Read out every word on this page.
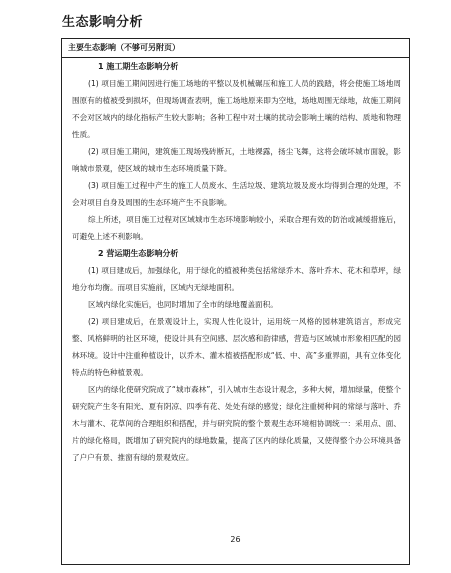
生态影响分析
主要生态影响（不够可另附页）
1 施工期生态影响分析

(1) 项目施工期间因进行施工场地的平整以及机械碾压和施工人员的践踏，将会使施工场地周围原有的植被受到损坏，但现场调查表明，施工场地原来即为空地，场地周围无绿地，故施工期间不会对区域内的绿化指标产生较大影响；各种工程中对土壤的扰动会影响土壤的结构、质地和物理性质。

(2) 项目施工期间，建筑施工现场残砖断瓦，土地裸露，扬尘飞舞，这将会破坏城市面貌，影响城市景观，使区域的城市生态环境质量下降。

(3) 项目施工过程中产生的施工人员废水、生活垃圾、建筑垃圾及废水均得到合理的处理，不会对项目自身及周围的生态环境产生不良影响。

综上所述，项目施工过程对区域城市生态环境影响较小，采取合理有效的防治或减缓措施后，可避免上述不利影响。

2 营运期生态影响分析

(1) 项目建成后，加强绿化，用于绿化的植被种类包括常绿乔木、落叶乔木、花木和草坪，绿地分布均衡。而项目实施前，区域内无绿地面积。

区域内绿化实施后，也同时增加了全市的绿地覆盖面积。

(2) 项目建成后，在景观设计上，实现人性化设计，运用统一风格的园林建筑语言，形成完整、风格鲜明的社区环境，使设计具有空间感、层次感和韵律感，营造与区域城市形象相匹配的园林环境。设计中注重种植设计，以乔木、灌木植被搭配形成“低、中、高”多重界面，具有立体变化特点的特色种植景观。

区内的绿化使研究院成了“城市森林”，引入城市生态设计观念，多种大树，增加绿量，使整个研究院产生冬有阳光、夏有阴凉、四季有花、处处有绿的感觉；绿化注重树种间的常绿与落叶、乔木与灌木、花草间的合理组织和搭配，并与研究院的整个景观生态环境相协调统一：采用点、面、片的绿化格局，既增加了研究院内的绿地数量，提高了区内的绿化质量，又使得整个办公环境具备了户户有景、推窗有绿的景观效应。

26
